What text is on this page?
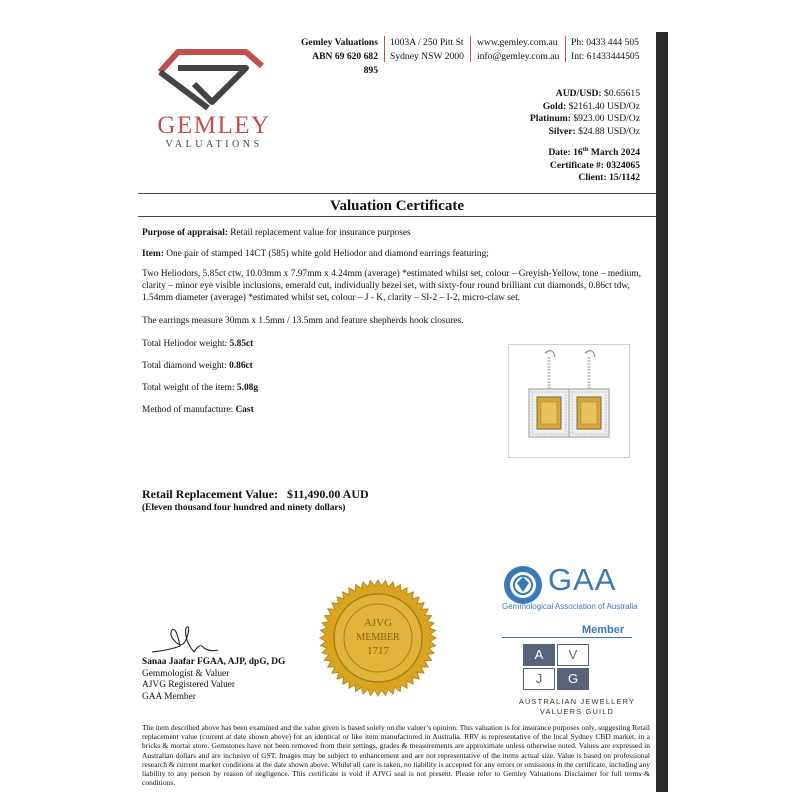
GEMLEY
VALUATIONS
Gemley Valuations
ABN 69 620 682 895
1003A / 250 Pitt St
Sydney NSW 2000
www.gemley.com.au
info@gemley.com.au
Ph: 0433 444 505
Int: 61433444505
AUD/USD: $0.65615
Gold: $2161.40 USD/Oz
Platinum: $923.00 USD/Oz
Silver: $24.88 USD/Oz
Date: 16th March 2024
Certificate #: 0324065
Client: 15/1142
Valuation Certificate
Purpose of appraisal: Retail replacement value for insurance purposes
Item: One pair of stamped 14CT (585) white gold Heliodor and diamond earrings featuring;
Two Heliodors, 5.85ct ctw, 10.03mm x 7.97mm x 4.24mm (average) *estimated whilst set, colour – Greyish-Yellow, tone – medium, clarity – minor eye visible inclusions, emerald cut, individually bezel set, with sixty-four round brilliant cut diamonds, 0.86ct tdw, 1.54mm diameter (average) *estimated whilst set, colour – J - K, clarity – SI-2 – I-2, micro-claw set.
The earrings measure 30mm x 1.5mm / 13.5mm and feature shepherds hook closures.
Total Heliodor weight: 5.85ct
Total diamond weight: 0.86ct
Total weight of the item: 5.08g
Method of manufacture: Cast
Retail Replacement Value: $11,490.00 AUD
(Eleven thousand four hundred and ninety dollars)
Sanaa Jaafar FGAA, AJP, dpG, DG
Gemmologist & Valuer
AJVG Registered Valuer
GAA Member
AJVG
MEMBER
1717
GAA
Gemmological Association of Australia
Member
A	V
J	G
AUSTRALIAN JEWELLERY
VALUERS GUILD
The item described above has been examined and the value given is based solely on the valuer’s opinion. This valuation is for insurance purposes only, suggesting Retail replacement value (current at date shown above) for an identical or like item manufactured in Australia. RRV is representative of the local Sydney CBD market, in a bricks & mortar store. Gemstones have not been removed from their settings, grades & measurements are approximate unless otherwise noted. Values are expressed in Australian dollars and are inclusive of GST. Images may be subject to enhancement and are not representative of the items actual size. Value is based on professional research & current market conditions at the date shown above. Whilst all care is taken, no liability is accepted for any errors or omissions in the certificate, including any liability to any person by reason of negligence. This certificate is void if AJVG seal is not present. Please refer to Gemley Valuations Disclaimer for full terms & conditions.
